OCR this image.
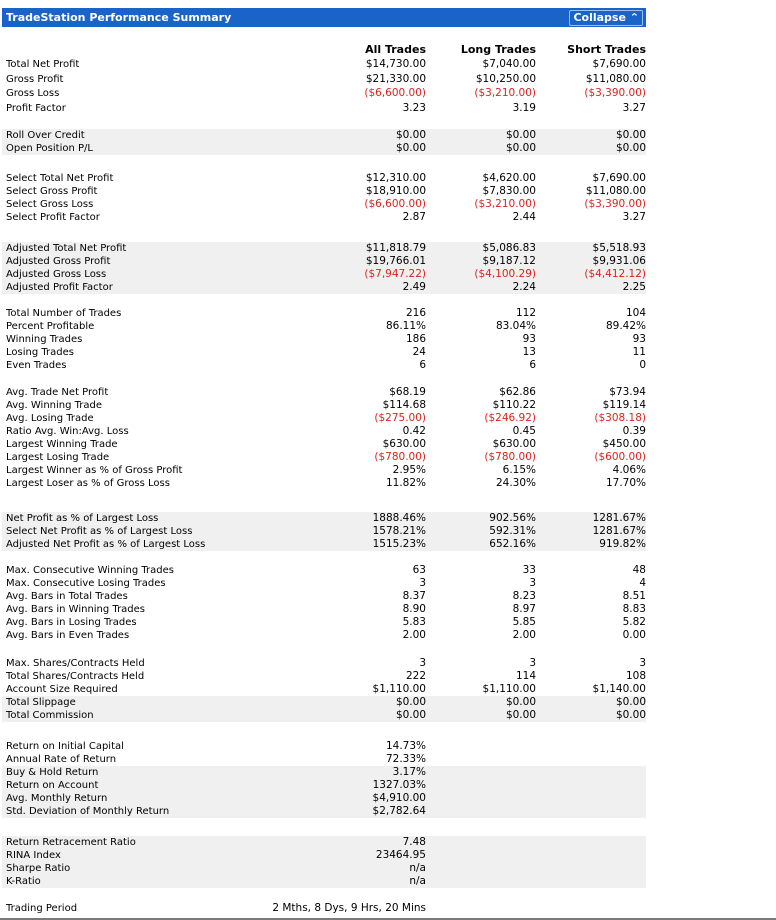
TradeStation Performance Summary	Collapse ⌃
All Trades	Long Trades	Short Trades
Total Net Profit	$14,730.00	$7,040.00	$7,690.00
Gross Profit	$21,330.00	$10,250.00	$11,080.00
Gross Loss	($6,600.00)	($3,210.00)	($3,390.00)
Profit Factor	3.23	3.19	3.27
Roll Over Credit	$0.00	$0.00	$0.00
Open Position P/L	$0.00	$0.00	$0.00
Select Total Net Profit	$12,310.00	$4,620.00	$7,690.00
Select Gross Profit	$18,910.00	$7,830.00	$11,080.00
Select Gross Loss	($6,600.00)	($3,210.00)	($3,390.00)
Select Profit Factor	2.87	2.44	3.27
Adjusted Total Net Profit	$11,818.79	$5,086.83	$5,518.93
Adjusted Gross Profit	$19,766.01	$9,187.12	$9,931.06
Adjusted Gross Loss	($7,947.22)	($4,100.29)	($4,412.12)
Adjusted Profit Factor	2.49	2.24	2.25
Total Number of Trades	216	112	104
Percent Profitable	86.11%	83.04%	89.42%
Winning Trades	186	93	93
Losing Trades	24	13	11
Even Trades	6	6	0
Avg. Trade Net Profit	$68.19	$62.86	$73.94
Avg. Winning Trade	$114.68	$110.22	$119.14
Avg. Losing Trade	($275.00)	($246.92)	($308.18)
Ratio Avg. Win:Avg. Loss	0.42	0.45	0.39
Largest Winning Trade	$630.00	$630.00	$450.00
Largest Losing Trade	($780.00)	($780.00)	($600.00)
Largest Winner as % of Gross Profit	2.95%	6.15%	4.06%
Largest Loser as % of Gross Loss	11.82%	24.30%	17.70%
Net Profit as % of Largest Loss	1888.46%	902.56%	1281.67%
Select Net Profit as % of Largest Loss	1578.21%	592.31%	1281.67%
Adjusted Net Profit as % of Largest Loss	1515.23%	652.16%	919.82%
Max. Consecutive Winning Trades	63	33	48
Max. Consecutive Losing Trades	3	3	4
Avg. Bars in Total Trades	8.37	8.23	8.51
Avg. Bars in Winning Trades	8.90	8.97	8.83
Avg. Bars in Losing Trades	5.83	5.85	5.82
Avg. Bars in Even Trades	2.00	2.00	0.00
Max. Shares/Contracts Held	3	3	3
Total Shares/Contracts Held	222	114	108
Account Size Required	$1,110.00	$1,110.00	$1,140.00
Total Slippage	$0.00	$0.00	$0.00
Total Commission	$0.00	$0.00	$0.00
Return on Initial Capital	14.73%
Annual Rate of Return	72.33%
Buy & Hold Return	3.17%
Return on Account	1327.03%
Avg. Monthly Return	$4,910.00
Std. Deviation of Monthly Return	$2,782.64
Return Retracement Ratio	7.48
RINA Index	23464.95
Sharpe Ratio	n/a
K-Ratio	n/a
Trading Period	2 Mths, 8 Dys, 9 Hrs, 20 Mins
